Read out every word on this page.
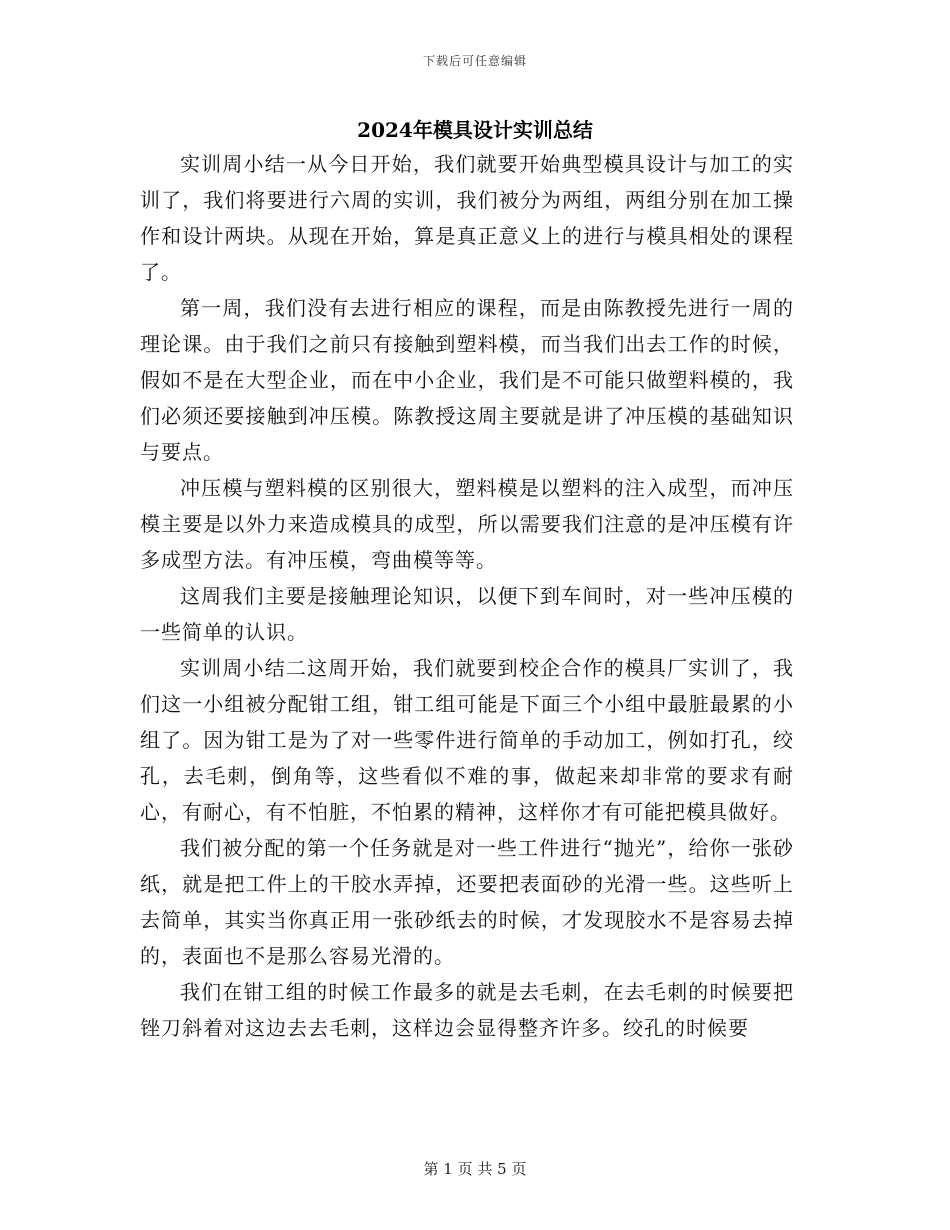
下载后可任意编辑
2024年模具设计实训总结

实训周小结一从今日开始，我们就要开始典型模具设计与加工的实训了，我们将要进行六周的实训，我们被分为两组，两组分别在加工操作和设计两块。从现在开始，算是真正意义上的进行与模具相处的课程了。

第一周，我们没有去进行相应的课程，而是由陈教授先进行一周的理论课。由于我们之前只有接触到塑料模，而当我们出去工作的时候，假如不是在大型企业，而在中小企业，我们是不可能只做塑料模的，我们必须还要接触到冲压模。陈教授这周主要就是讲了冲压模的基础知识与要点。

冲压模与塑料模的区别很大，塑料模是以塑料的注入成型，而冲压模主要是以外力来造成模具的成型，所以需要我们注意的是冲压模有许多成型方法。有冲压模，弯曲模等等。

这周我们主要是接触理论知识，以便下到车间时，对一些冲压模的一些简单的认识。

实训周小结二这周开始，我们就要到校企合作的模具厂实训了，我们这一小组被分配钳工组，钳工组可能是下面三个小组中最脏最累的小组了。因为钳工是为了对一些零件进行简单的手动加工，例如打孔，绞孔，去毛刺，倒角等，这些看似不难的事，做起来却非常的要求有耐心，有耐心，有不怕脏，不怕累的精神，这样你才有可能把模具做好。

我们被分配的第一个任务就是对一些工件进行“抛光”，给你一张砂纸，就是把工件上的干胶水弄掉，还要把表面砂的光滑一些。这些听上去简单，其实当你真正用一张砂纸去的时候，才发现胶水不是容易去掉的，表面也不是那么容易光滑的。

我们在钳工组的时候工作最多的就是去毛刺，在去毛刺的时候要把锉刀斜着对这边去去毛刺，这样边会显得整齐许多。绞孔的时候要

第 1 页 共 5 页
